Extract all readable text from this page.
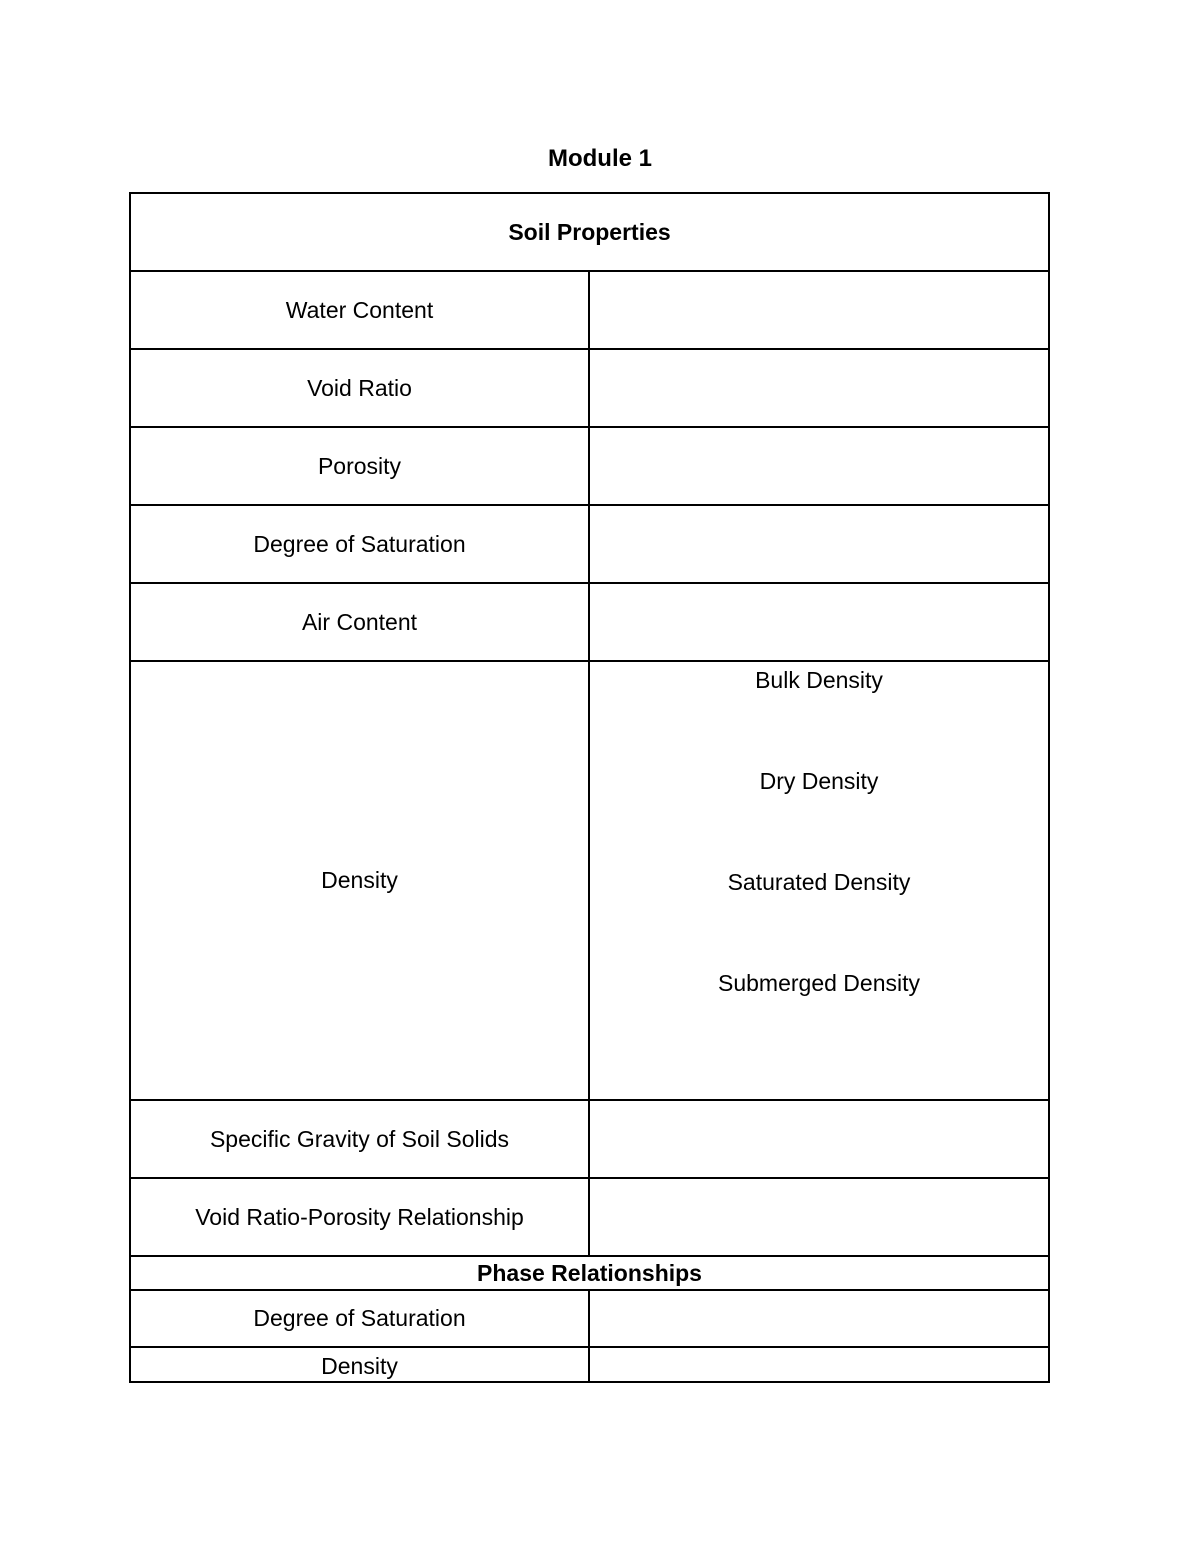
Module 1
Soil Properties	
Water Content	
Void Ratio	
Porosity	
Degree of Saturation	
Air Content	
Density	Bulk Density
Dry Density
Saturated Density
Submerged Density

Specific Gravity of Soil Solids	
Void Ratio-Porosity Relationship	
Phase Relationships	
Degree of Saturation	
Density	
